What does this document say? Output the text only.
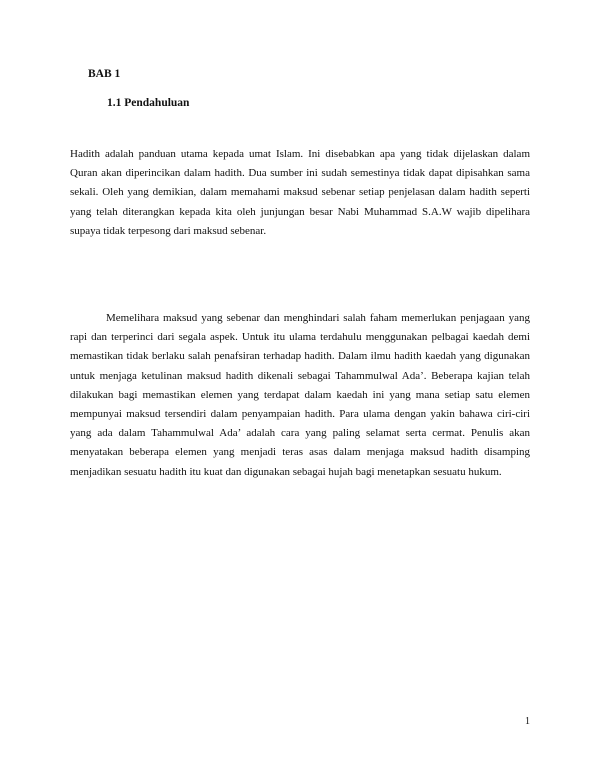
BAB 1

1.1 Pendahuluan

Hadith adalah panduan utama kepada umat Islam. Ini disebabkan apa yang tidak dijelaskan dalam Quran akan diperincikan dalam hadith. Dua sumber ini sudah semestinya tidak dapat dipisahkan sama sekali. Oleh yang demikian, dalam memahami maksud sebenar setiap penjelasan dalam hadith seperti yang telah diterangkan kepada kita oleh junjungan besar Nabi Muhammad S.A.W wajib dipelihara supaya tidak terpesong dari maksud sebenar.

Memelihara maksud yang sebenar dan menghindari salah faham memerlukan penjagaan yang rapi dan terperinci dari segala aspek. Untuk itu ulama terdahulu menggunakan pelbagai kaedah demi memastikan tidak berlaku salah penafsiran terhadap hadith. Dalam ilmu hadith kaedah yang digunakan untuk menjaga ketulinan maksud hadith dikenali sebagai Tahammulwal Ada’. Beberapa kajian telah dilakukan bagi memastikan elemen yang terdapat dalam kaedah ini yang mana setiap satu elemen mempunyai maksud tersendiri dalam penyampaian hadith. Para ulama dengan yakin bahawa ciri-ciri yang ada dalam Tahammulwal Ada’ adalah cara yang paling selamat serta cermat. Penulis akan menyatakan beberapa elemen yang menjadi teras asas dalam menjaga maksud hadith disamping menjadikan sesuatu hadith itu kuat dan digunakan sebagai hujah bagi menetapkan sesuatu hukum.

1
